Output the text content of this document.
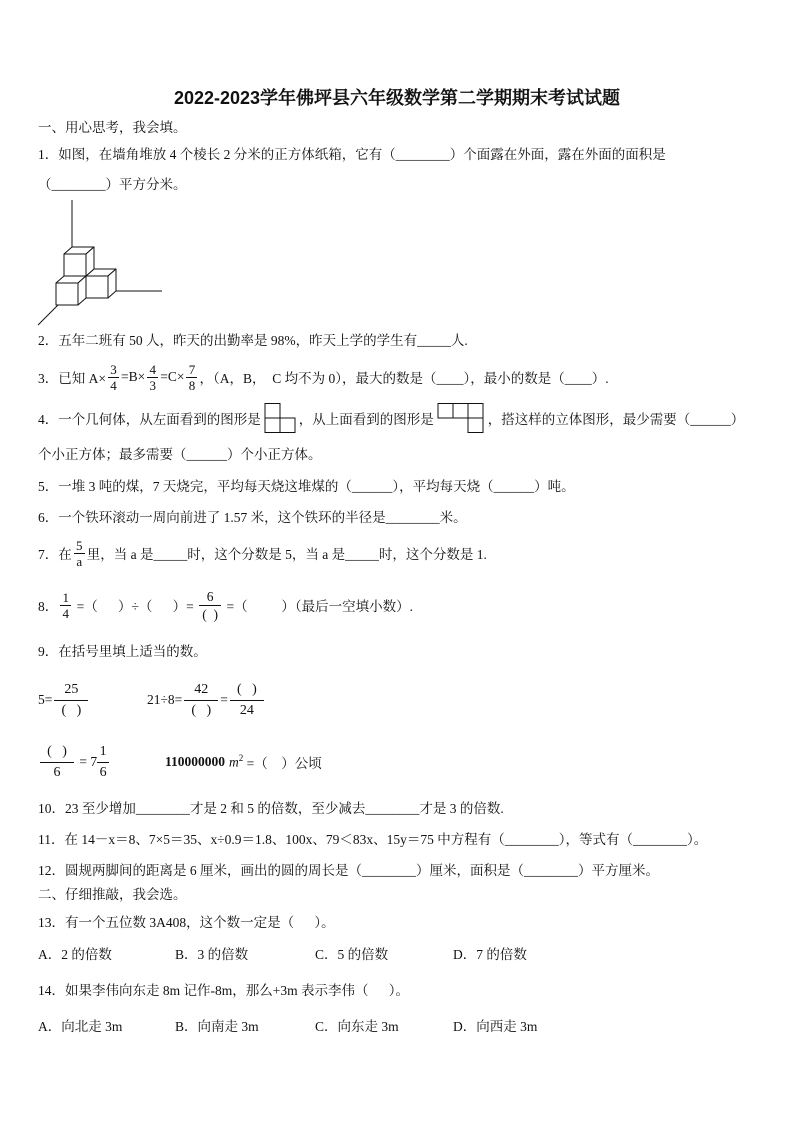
2022-2023学年佛坪县六年级数学第二学期期末考试试题
一、用心思考，我会填。
1．如图，在墙角堆放 4 个棱长 2 分米的正方体纸箱，它有（________）个面露在外面，露在外面的面积是
（________）平方分米。
2．五年二班有 50 人，昨天的出勤率是 98%，昨天上学的学生有_____人.
3．已知 $A\times \frac{3}{4} =B\times \frac{4}{3} =C\times \frac{7}{8}$ ，（A，B，  C 均不为 0），最大的数是（____），最小的数是（____）.
4．一个几何体，从左面看到的图形是	，从上面看到的图形是	，搭这样的立体图形，最少需要（______）
个小正方体；最多需要（______）个小正方体。
5．一堆 3 吨的煤，7 天烧完，平均每天烧这堆煤的（______），平均每天烧（______）吨。
6．一个铁环滚动一周向前进了 1.57 米，这个铁环的半径是________米。
7．在 $\frac{5}{a}$ 里，当 a 是_____时，这个分数是 5，当 a 是_____时，这个分数是 1.
8． $\frac{1}{4}$ =（      ）÷（      ）= $\frac{6}{( )}$ =（          ）（最后一空填小数）.
9．在括号里填上适当的数。
$5= \frac{25}{( )}$	$21\div 8= \frac{42}{( )} = \frac{( )}{24}$
$\frac{( )}{6} = 7 \frac{1}{6}$	110000000 $m^2$ =（    ）公顷
10．23 至少增加________才是 2 和 5 的倍数，至少减去________才是 3 的倍数.
11．在 14－x＝8、7×5＝35、x÷0.9＝1.8、100x、79＜83x、15y＝75 中方程有（________），等式有（________）。
12．圆规两脚间的距离是 6 厘米，画出的圆的周长是（________）厘米，面积是（________）平方厘米。
二、仔细推敲，我会选。
13．有一个五位数 3A408，这个数一定是（      ）。
A．2 的倍数	B．3 的倍数	C．5 的倍数	D．7 的倍数
14．如果李伟向东走 8m 记作-8m，那么+3m 表示李伟（      ）。
A．向北走 3m	B．向南走 3m	C．向东走 3m	D．向西走 3m
